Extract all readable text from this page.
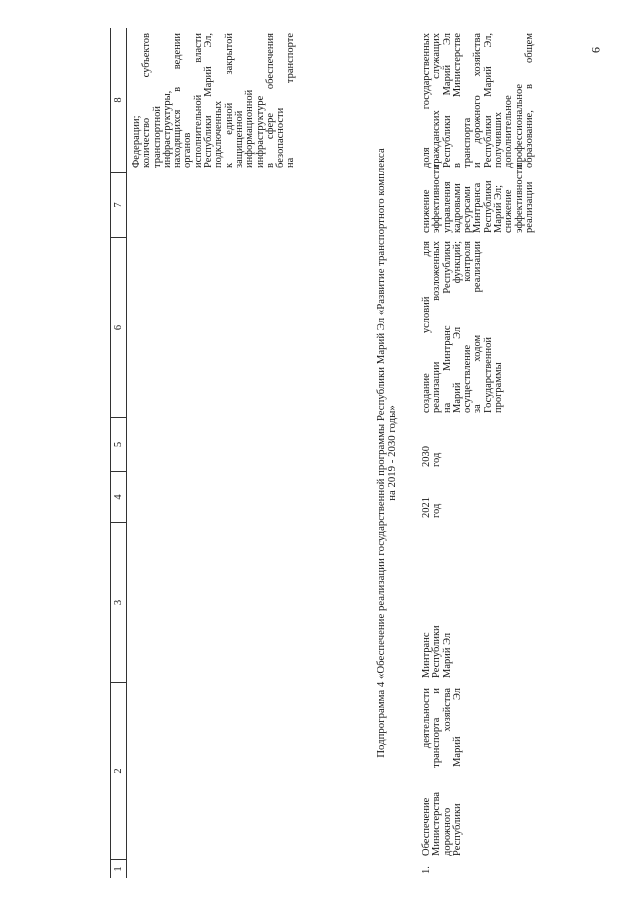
9
1
2
3
4
5
6
7
8
Федерации; количество субъектов транспортной инфраструктуры, находящихся в ведении органов исполнительной власти Республики Марий Эл, подключенных к единой закрытой защищенной информационной инфраструктуре в сфере обеспечения безопасности на транспорте
Подпрограмма 4 «Обеспечение реализации государственной программы Республики Марий Эл «Развитие транспортного комплекса на 2019 - 2030 годы»
1.
Обеспечение деятельности Министерства транспорта и дорожного хозяйства Республики Марий Эл
Минтранс Республики Марий Эл
2021 год
2030 год
создание условий для реализации возложенных на Минтранс Республики Марий Эл функций; осуществление контроля за ходом реализации Государственной программы
снижение эффективности управления кадровыми ресурсами Минтранса Республики Марий Эл; снижение эффективности реализации
доля государственных гражданских служащих Республики Марий Эл в Министерстве транспорта и дорожного хозяйства Республики Марий Эл, получивших дополнительное профессиональное образование, в общем
